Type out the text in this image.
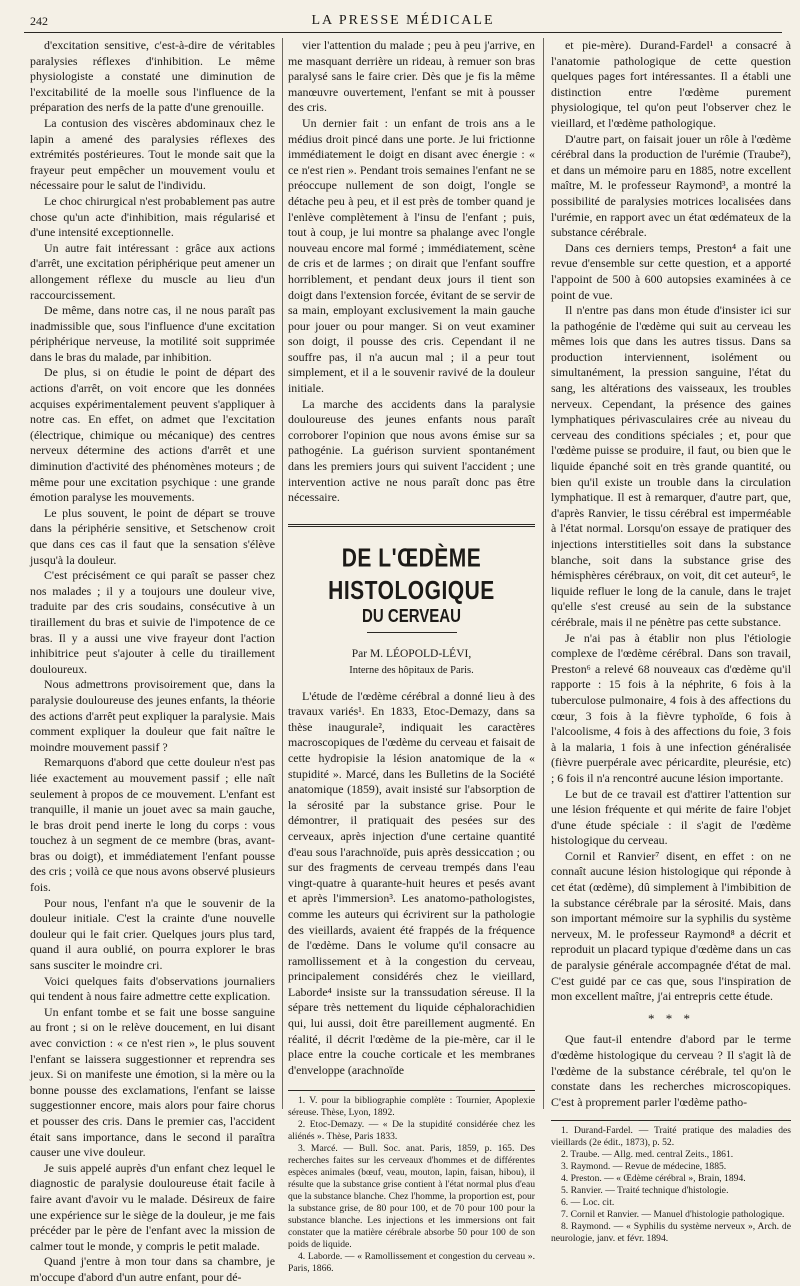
242	LA PRESSE MÉDICALE

d'excitation sensitive, c'est-à-dire de véritables paralysies réflexes d'inhibition. Le même physiologiste a constaté une diminution de l'excitabilité de la moelle sous l'influence de la préparation des nerfs de la patte d'une grenouille.

La contusion des viscères abdominaux chez le lapin a amené des paralysies réflexes des extrémités postérieures. Tout le monde sait que la frayeur peut empêcher un mouvement voulu et nécessaire pour le salut de l'individu.

Le choc chirurgical n'est probablement pas autre chose qu'un acte d'inhibition, mais régularisé et d'une intensité exceptionnelle.

Un autre fait intéressant : grâce aux actions d'arrêt, une excitation périphérique peut amener un allongement réflexe du muscle au lieu d'un raccourcissement.

De même, dans notre cas, il ne nous paraît pas inadmissible que, sous l'influence d'une excitation périphérique nerveuse, la motilité soit supprimée dans le bras du malade, par inhibition.

De plus, si on étudie le point de départ des actions d'arrêt, on voit encore que les données acquises expérimentalement peuvent s'appliquer à notre cas. En effet, on admet que l'excitation (électrique, chimique ou mécanique) des centres nerveux détermine des actions d'arrêt et une diminution d'activité des phénomènes moteurs ; de même pour une excitation psychique : une grande émotion paralyse les mouvements.

Le plus souvent, le point de départ se trouve dans la périphérie sensitive, et Setschenow croit que dans ces cas il faut que la sensation s'élève jusqu'à la douleur.

C'est précisément ce qui paraît se passer chez nos malades ; il y a toujours une douleur vive, traduite par des cris soudains, consécutive à un tiraillement du bras et suivie de l'impotence de ce bras. Il y a aussi une vive frayeur dont l'action inhibitrice peut s'ajouter à celle du tiraillement douloureux.

Nous admettrons provisoirement que, dans la paralysie douloureuse des jeunes enfants, la théorie des actions d'arrêt peut expliquer la paralysie. Mais comment expliquer la douleur que fait naître le moindre mouvement passif ?

Remarquons d'abord que cette douleur n'est pas liée exactement au mouvement passif ; elle naît seulement à propos de ce mouvement. L'enfant est tranquille, il manie un jouet avec sa main gauche, le bras droit pend inerte le long du corps : vous touchez à un segment de ce membre (bras, avant-bras ou doigt), et immédiatement l'enfant pousse des cris ; voilà ce que nous avons observé plusieurs fois.

Pour nous, l'enfant n'a que le souvenir de la douleur initiale. C'est la crainte d'une nouvelle douleur qui le fait crier. Quelques jours plus tard, quand il aura oublié, on pourra explorer le bras sans susciter le moindre cri.

Voici quelques faits d'observations journaliers qui tendent à nous faire admettre cette explication.

Un enfant tombe et se fait une bosse sanguine au front ; si on le relève doucement, en lui disant avec conviction : « ce n'est rien », le plus souvent l'enfant se laissera suggestionner et reprendra ses jeux. Si on manifeste une émotion, si la mère ou la bonne pousse des exclamations, l'enfant se laisse suggestionner encore, mais alors pour faire chorus et pousser des cris. Dans le premier cas, l'accident était sans importance, dans le second il paraîtra causer une vive douleur.

Je suis appelé auprès d'un enfant chez lequel le diagnostic de paralysie douloureuse était facile à faire avant d'avoir vu le malade. Désireux de faire une expérience sur le siège de la douleur, je me fais précéder par le père de l'enfant avec la mission de calmer tout le monde, y compris le petit malade.

Quand j'entre à mon tour dans sa chambre, je m'occupe d'abord d'un autre enfant, pour dé-

vier l'attention du malade ; peu à peu j'arrive, en me masquant derrière un rideau, à remuer son bras paralysé sans le faire crier. Dès que je fis la même manœuvre ouvertement, l'enfant se mit à pousser des cris.

Un dernier fait : un enfant de trois ans a le médius droit pincé dans une porte. Je lui frictionne immédiatement le doigt en disant avec énergie : « ce n'est rien ». Pendant trois semaines l'enfant ne se préoccupe nullement de son doigt, l'ongle se détache peu à peu, et il est près de tomber quand je l'enlève complètement à l'insu de l'enfant ; puis, tout à coup, je lui montre sa phalange avec l'ongle nouveau encore mal formé ; immédiatement, scène de cris et de larmes ; on dirait que l'enfant souffre horriblement, et pendant deux jours il tient son doigt dans l'extension forcée, évitant de se servir de sa main, employant exclusivement la main gauche pour jouer ou pour manger. Si on veut examiner son doigt, il pousse des cris. Cependant il ne souffre pas, il n'a aucun mal ; il a peur tout simplement, et il a le souvenir ravivé de la douleur initiale.

La marche des accidents dans la paralysie douloureuse des jeunes enfants nous paraît corroborer l'opinion que nous avons émise sur sa pathogénie. La guérison survient spontanément dans les premiers jours qui suivent l'accident ; une intervention active ne nous paraît donc pas être nécessaire.

DE L'ŒDÈME HISTOLOGIQUE
DU CERVEAU
Par M. LÉOPOLD-LÉVI,
Interne des hôpitaux de Paris.

L'étude de l'œdème cérébral a donné lieu à des travaux variés¹. En 1833, Etoc-Demazy, dans sa thèse inaugurale², indiquait les caractères macroscopiques de l'œdème du cerveau et faisait de cette hydropisie la lésion anatomique de la « stupidité ». Marcé, dans les Bulletins de la Société anatomique (1859), avait insisté sur l'absorption de la sérosité par la substance grise. Pour le démontrer, il pratiquait des pesées sur des cerveaux, après injection d'une certaine quantité d'eau sous l'arachnoïde, puis après dessiccation ; ou sur des fragments de cerveau trempés dans l'eau vingt-quatre à quarante-huit heures et pesés avant et après l'immersion³. Les anatomo-pathologistes, comme les auteurs qui écrivirent sur la pathologie des vieillards, avaient été frappés de la fréquence de l'œdème. Dans le volume qu'il consacre au ramollissement et à la congestion du cerveau, principalement considérés chez le vieillard, Laborde⁴ insiste sur la transsudation séreuse. Il la sépare très nettement du liquide céphalorachidien qui, lui aussi, doit être pareillement augmenté. En réalité, il décrit l'œdème de la pie-mère, car il le place entre la couche corticale et les membranes d'enveloppe (arachnoïde

1. V. pour la bibliographie complète : Tournier, Apoplexie séreuse. Thèse, Lyon, 1892.

2. Etoc-Demazy. — « De la stupidité considérée chez les aliénés ». Thèse, Paris 1833.

3. Marcé. — Bull. Soc. anat. Paris, 1859, p. 165. Des recherches faites sur les cerveaux d'hommes et de différentes espèces animales (bœuf, veau, mouton, lapin, faisan, hibou), il résulte que la substance grise contient à l'état normal plus d'eau que la substance blanche. Chez l'homme, la proportion est, pour la substance grise, de 80 pour 100, et de 70 pour 100 pour la substance blanche. Les injections et les immersions ont fait constater que la matière cérébrale absorbe 50 pour 100 de son poids de liquide.

4. Laborde. — « Ramollissement et congestion du cerveau ». Paris, 1866.

et pie-mère). Durand-Fardel¹ a consacré à l'anatomie pathologique de cette question quelques pages fort intéressantes. Il a établi une distinction entre l'œdème purement physiologique, tel qu'on peut l'observer chez le vieillard, et l'œdème pathologique.

D'autre part, on faisait jouer un rôle à l'œdème cérébral dans la production de l'urémie (Traube²), et dans un mémoire paru en 1885, notre excellent maître, M. le professeur Raymond³, a montré la possibilité de paralysies motrices localisées dans l'urémie, en rapport avec un état œdémateux de la substance cérébrale.

Dans ces derniers temps, Preston⁴ a fait une revue d'ensemble sur cette question, et a apporté l'appoint de 500 à 600 autopsies examinées à ce point de vue.

Il n'entre pas dans mon étude d'insister ici sur la pathogénie de l'œdème qui suit au cerveau les mêmes lois que dans les autres tissus. Dans sa production interviennent, isolément ou simultanément, la pression sanguine, l'état du sang, les altérations des vaisseaux, les troubles nerveux. Cependant, la présence des gaines lymphatiques périvasculaires crée au niveau du cerveau des conditions spéciales ; et, pour que l'œdème puisse se produire, il faut, ou bien que le liquide épanché soit en très grande quantité, ou bien qu'il existe un trouble dans la circulation lymphatique. Il est à remarquer, d'autre part, que, d'après Ranvier, le tissu cérébral est imperméable à l'état normal. Lorsqu'on essaye de pratiquer des injections interstitielles soit dans la substance blanche, soit dans la substance grise des hémisphères cérébraux, on voit, dit cet auteur⁵, le liquide refluer le long de la canule, dans le trajet qu'elle s'est creusé au sein de la substance cérébrale, mais il ne pénètre pas cette substance.

Je n'ai pas à établir non plus l'étiologie complexe de l'œdème cérébral. Dans son travail, Preston⁶ a relevé 68 nouveaux cas d'œdème qu'il rapporte : 15 fois à la néphrite, 6 fois à la tuberculose pulmonaire, 4 fois à des affections du cœur, 3 fois à la fièvre typhoïde, 6 fois à l'alcoolisme, 4 fois à des affections du foie, 3 fois à la malaria, 1 fois à une infection généralisée (fièvre puerpérale avec péricardite, pleurésie, etc) ; 6 fois il n'a rencontré aucune lésion importante.

Le but de ce travail est d'attirer l'attention sur une lésion fréquente et qui mérite de faire l'objet d'une étude spéciale : il s'agit de l'œdème histologique du cerveau.

Cornil et Ranvier⁷ disent, en effet : on ne connaît aucune lésion histologique qui réponde à cet état (œdème), dû simplement à l'imbibition de la substance cérébrale par la sérosité. Mais, dans son important mémoire sur la syphilis du système nerveux, M. le professeur Raymond⁸ a décrit et reproduit un placard typique d'œdème dans un cas de paralysie générale accompagnée d'état de mal. C'est guidé par ce cas que, sous l'inspiration de mon excellent maître, j'ai entrepris cette étude.

* * *

Que faut-il entendre d'abord par le terme d'œdème histologique du cerveau ? Il s'agit là de l'œdème de la substance cérébrale, tel qu'on le constate dans les recherches microscopiques. C'est à proprement parler l'œdème patho-

1. Durand-Fardel. — Traité pratique des maladies des vieillards (2e édit., 1873), p. 52.

2. Traube. — Allg. med. central Zeits., 1861.

3. Raymond. — Revue de médecine, 1885.

4. Preston. — « Œdème cérébral », Brain, 1894.

5. Ranvier. — Traité technique d'histologie.

6. — Loc. cit.

7. Cornil et Ranvier. — Manuel d'histologie pathologique.

8. Raymond. — « Syphilis du système nerveux », Arch. de neurologie, janv. et févr. 1894.
